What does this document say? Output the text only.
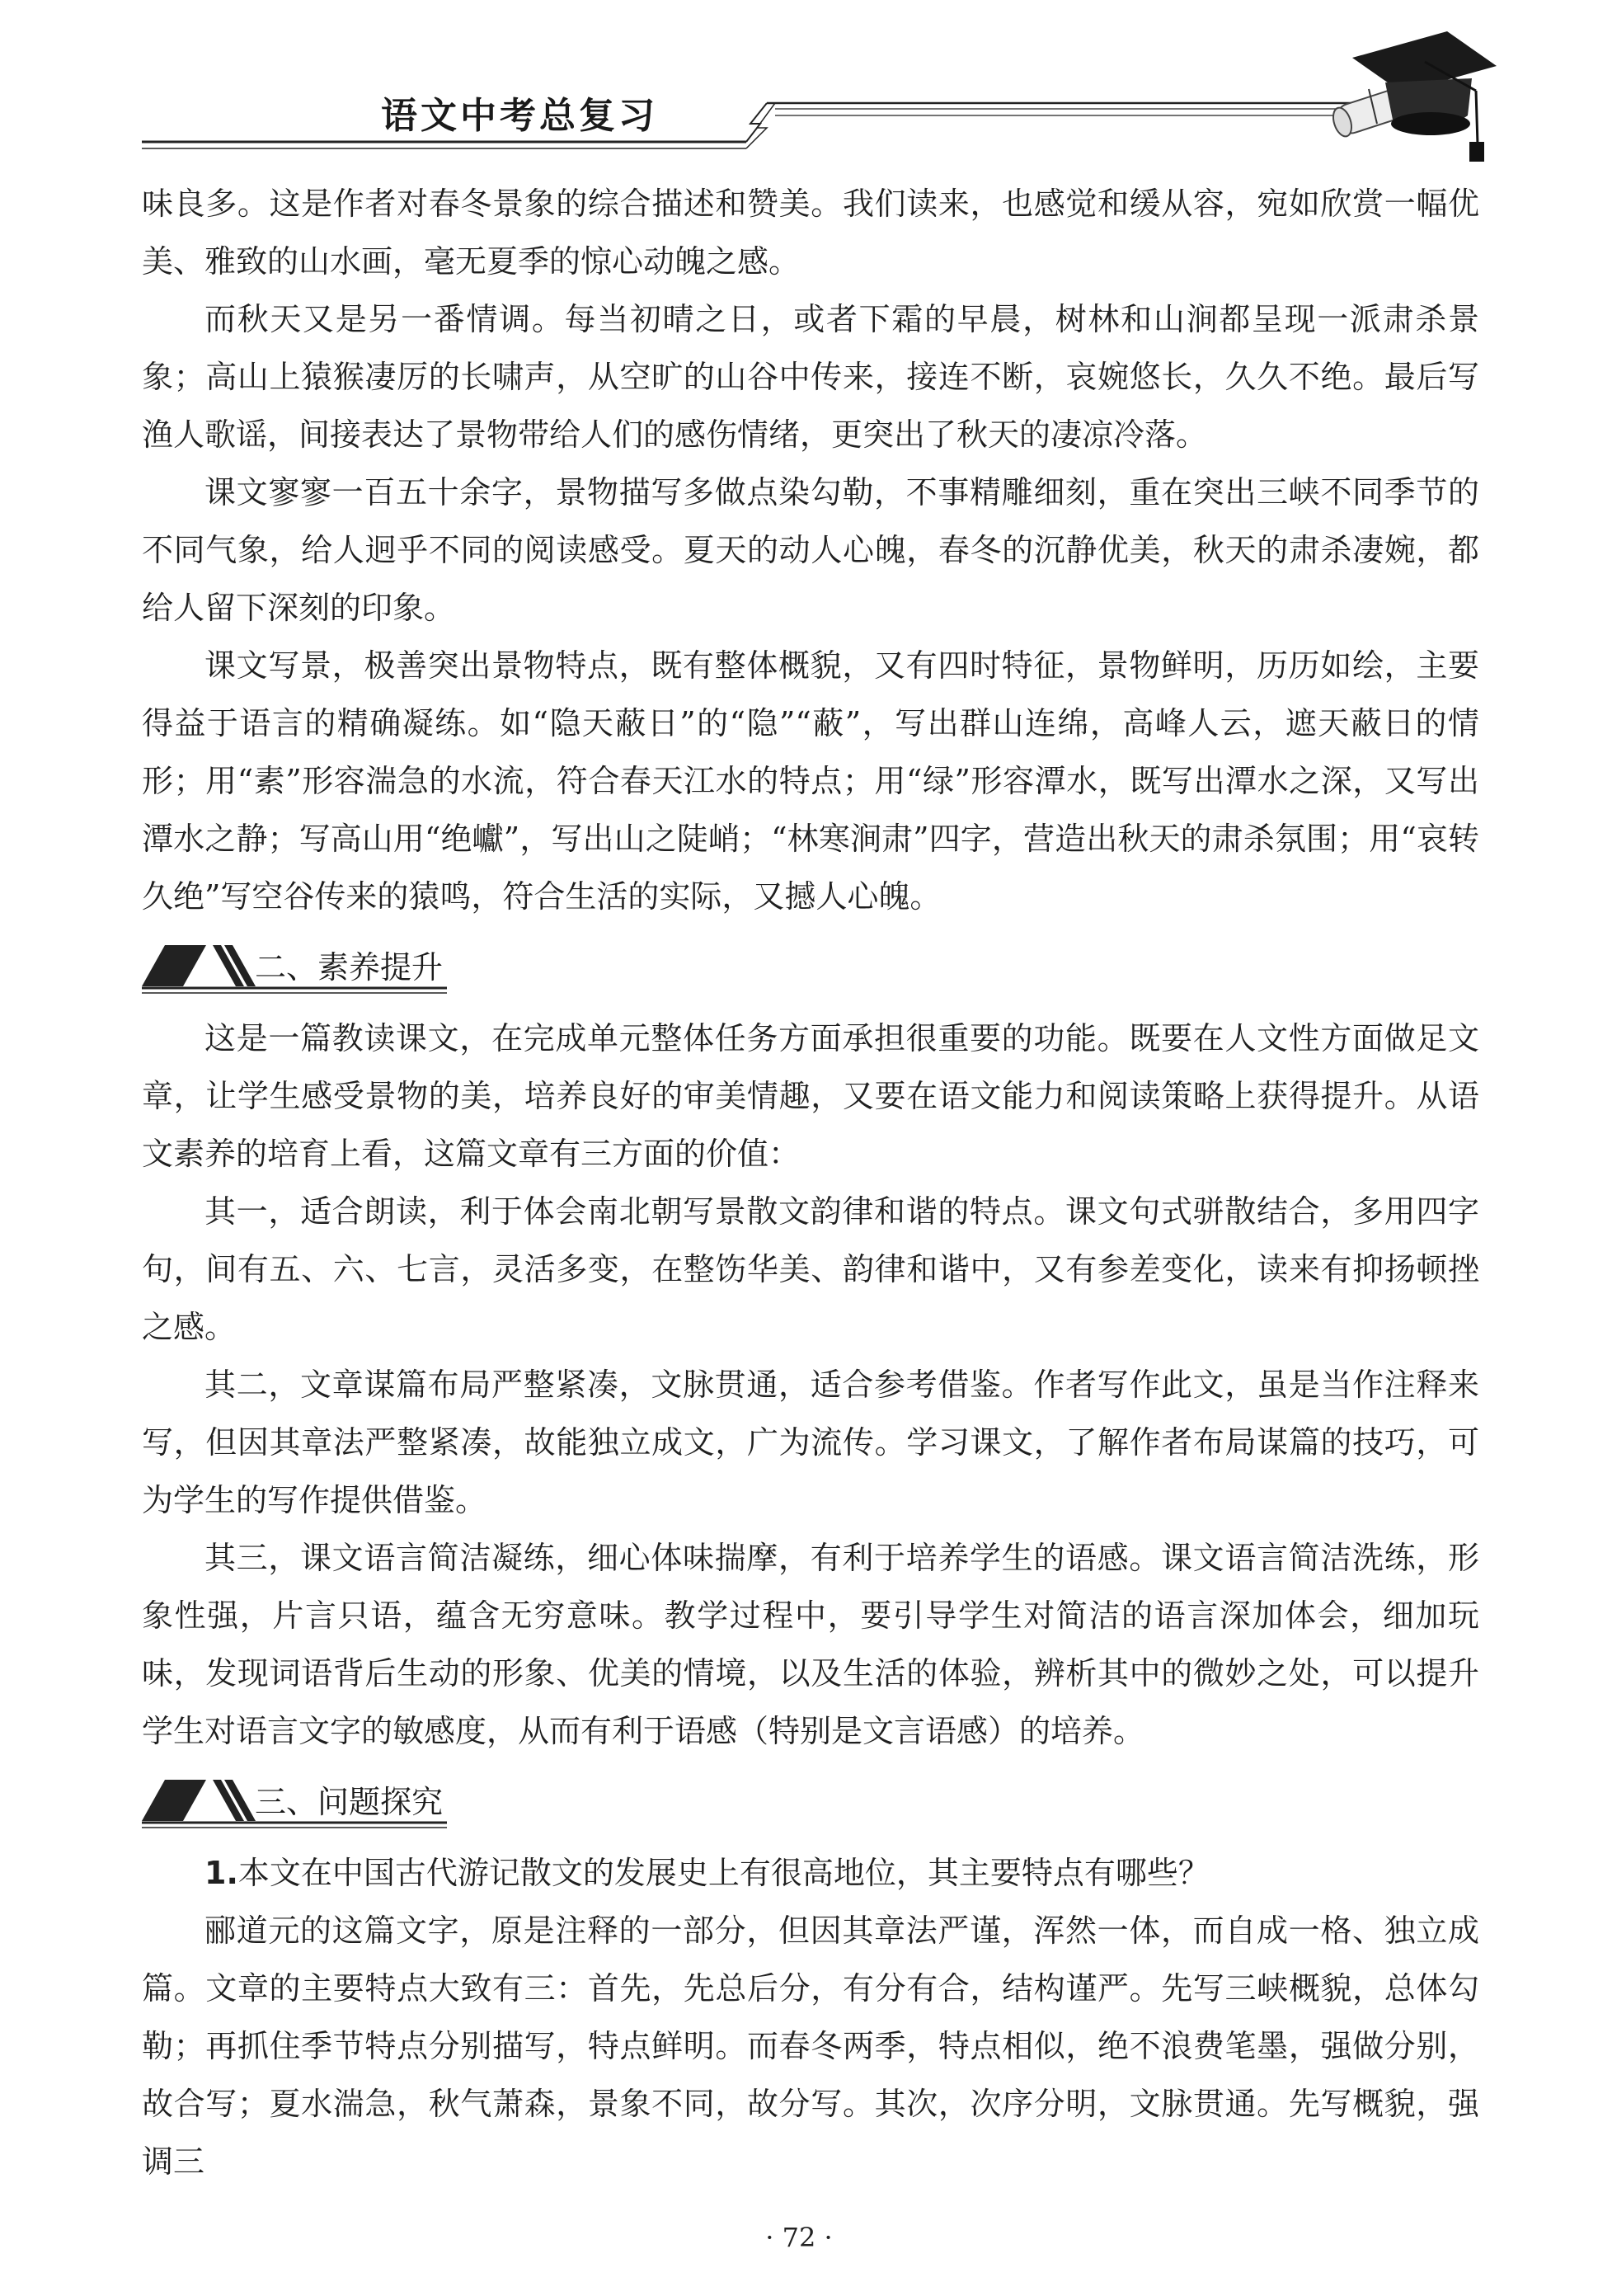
语文中考总复习

味良多。这是作者对春冬景象的综合描述和赞美。我们读来，也感觉和缓从容，宛如欣赏一幅优美、雅致的山水画，毫无夏季的惊心动魄之感。

而秋天又是另一番情调。每当初晴之日，或者下霜的早晨，树林和山涧都呈现一派肃杀景象；高山上猿猴凄厉的长啸声，从空旷的山谷中传来，接连不断，哀婉悠长，久久不绝。最后写渔人歌谣，间接表达了景物带给人们的感伤情绪，更突出了秋天的凄凉冷落。

课文寥寥一百五十余字，景物描写多做点染勾勒，不事精雕细刻，重在突出三峡不同季节的不同气象，给人迥乎不同的阅读感受。夏天的动人心魄，春冬的沉静优美，秋天的肃杀凄婉，都给人留下深刻的印象。

课文写景，极善突出景物特点，既有整体概貌，又有四时特征，景物鲜明，历历如绘，主要得益于语言的精确凝练。如“隐天蔽日”的“隐”“蔽”，写出群山连绵，高峰人云，遮天蔽日的情形；用“素”形容湍急的水流，符合春天江水的特点；用“绿”形容潭水，既写出潭水之深，又写出潭水之静；写高山用“绝巘”，写出山之陡峭；“林寒涧肃”四字，营造出秋天的肃杀氛围；用“哀转久绝”写空谷传来的猿鸣，符合生活的实际，又撼人心魄。

二、素养提升

这是一篇教读课文，在完成单元整体任务方面承担很重要的功能。既要在人文性方面做足文章，让学生感受景物的美，培养良好的审美情趣，又要在语文能力和阅读策略上获得提升。从语文素养的培育上看，这篇文章有三方面的价值：

其一，适合朗读，利于体会南北朝写景散文韵律和谐的特点。课文句式骈散结合，多用四字句，间有五、六、七言，灵活多变，在整饬华美、韵律和谐中，又有参差变化，读来有抑扬顿挫之感。

其二，文章谋篇布局严整紧凑，文脉贯通，适合参考借鉴。作者写作此文，虽是当作注释来写，但因其章法严整紧凑，故能独立成文，广为流传。学习课文，了解作者布局谋篇的技巧，可为学生的写作提供借鉴。

其三，课文语言简洁凝练，细心体味揣摩，有利于培养学生的语感。课文语言简洁洗练，形象性强，片言只语，蕴含无穷意味。教学过程中，要引导学生对简洁的语言深加体会，细加玩味，发现词语背后生动的形象、优美的情境，以及生活的体验，辨析其中的微妙之处，可以提升学生对语言文字的敏感度，从而有利于语感（特别是文言语感）的培养。

三、问题探究

1.本文在中国古代游记散文的发展史上有很高地位，其主要特点有哪些？

郦道元的这篇文字，原是注释的一部分，但因其章法严谨，浑然一体，而自成一格、独立成篇。文章的主要特点大致有三：首先，先总后分，有分有合，结构谨严。先写三峡概貌，总体勾勒；再抓住季节特点分别描写，特点鲜明。而春冬两季，特点相似，绝不浪费笔墨，强做分别，故合写；夏水湍急，秋气萧森，景象不同，故分写。其次，次序分明，文脉贯通。先写概貌，强调三

· 72 ·
